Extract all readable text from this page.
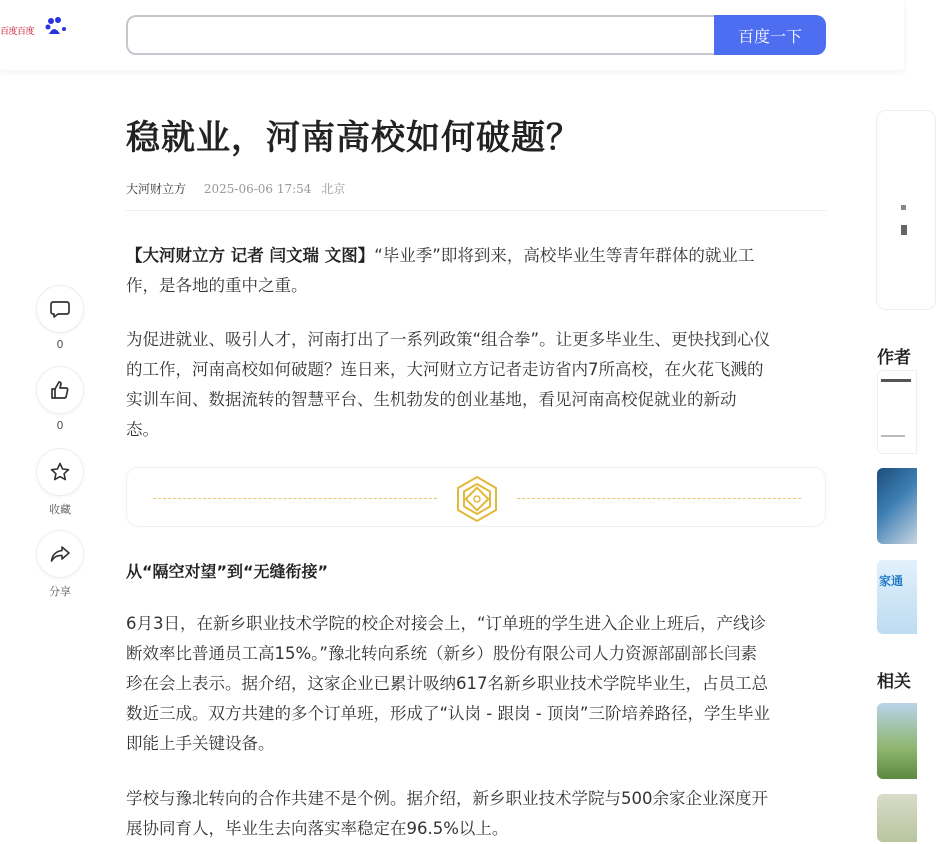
百度百度	百度一下
0
0
收藏
分享
稳就业，河南高校如何破题？
大河财立方 2025-06-06 17:54 北京
【大河财立方 记者 闫文瑞 文图】“毕业季”即将到来，高校毕业生等青年群体的就业工
作，是各地的重中之重。
为促进就业、吸引人才，河南打出了一系列政策“组合拳”。让更多毕业生、更快找到心仪
的工作，河南高校如何破题？连日来，大河财立方记者走访省内7所高校，在火花飞溅的
实训车间、数据流转的智慧平台、生机勃发的创业基地，看见河南高校促就业的新动
态。
从“隔空对望”到“无缝衔接”
6月3日，在新乡职业技术学院的校企对接会上，“订单班的学生进入企业上班后，产线诊
断效率比普通员工高15%。”豫北转向系统（新乡）股份有限公司人力资源部副部长闫素
珍在会上表示。据介绍，这家企业已累计吸纳617名新乡职业技术学院毕业生，占员工总
数近三成。双方共建的多个订单班，形成了“认岗 - 跟岗 - 顶岗”三阶培养路径，学生毕业
即能上手关键设备。
学校与豫北转向的合作共建不是个例。据介绍，新乡职业技术学院与500余家企业深度开
展协同育人，毕业生去向落实率稳定在96.5%以上。
作者
家通
相关
